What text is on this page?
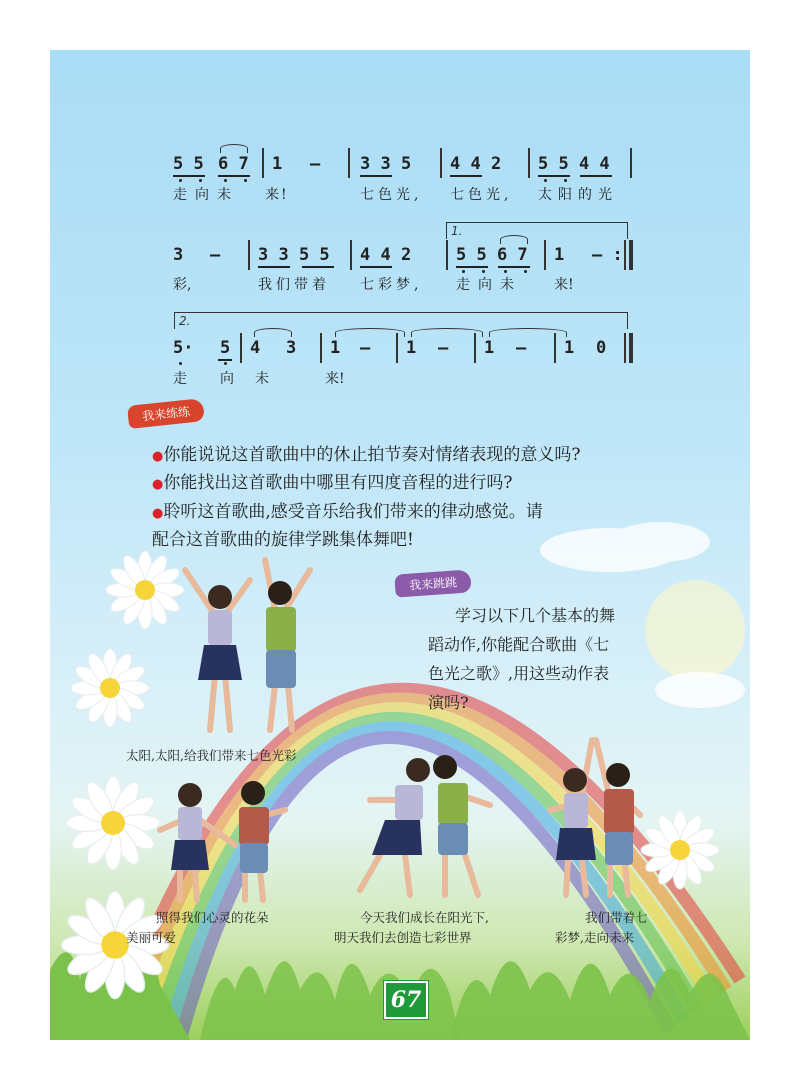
5 5 6 7 1 – 3 3 5 4 4 2 5 5 4 4
走向未 来!	七色光, 七色光, 太阳的光
1.
3 – 3 3 5 5 4 4 2	5 5 6 7 1 – :
彩,	我们带着 七彩梦, 走向未 来!
2.
5· 5 4 3 1 – 1 – 1 – 1 0
走 向 未	来!
我来练练
●你能说说这首歌曲中的休止拍节奏对情绪表现的意义吗?
●你能找出这首歌曲中哪里有四度音程的进行吗?
●聆听这首歌曲,感受音乐给我们带来的律动感觉。请
配合这首歌曲的旋律学跳集体舞吧!
我来跳跳
学习以下几个基本的舞
蹈动作,你能配合歌曲《七
色光之歌》,用这些动作表
演吗?
太阳,太阳,给我们带来七色光彩
照得我们心灵的花朵
美丽可爱
今天我们成长在阳光下,
明天我们去创造七彩世界
我们带着七
彩梦,走向未来
67
